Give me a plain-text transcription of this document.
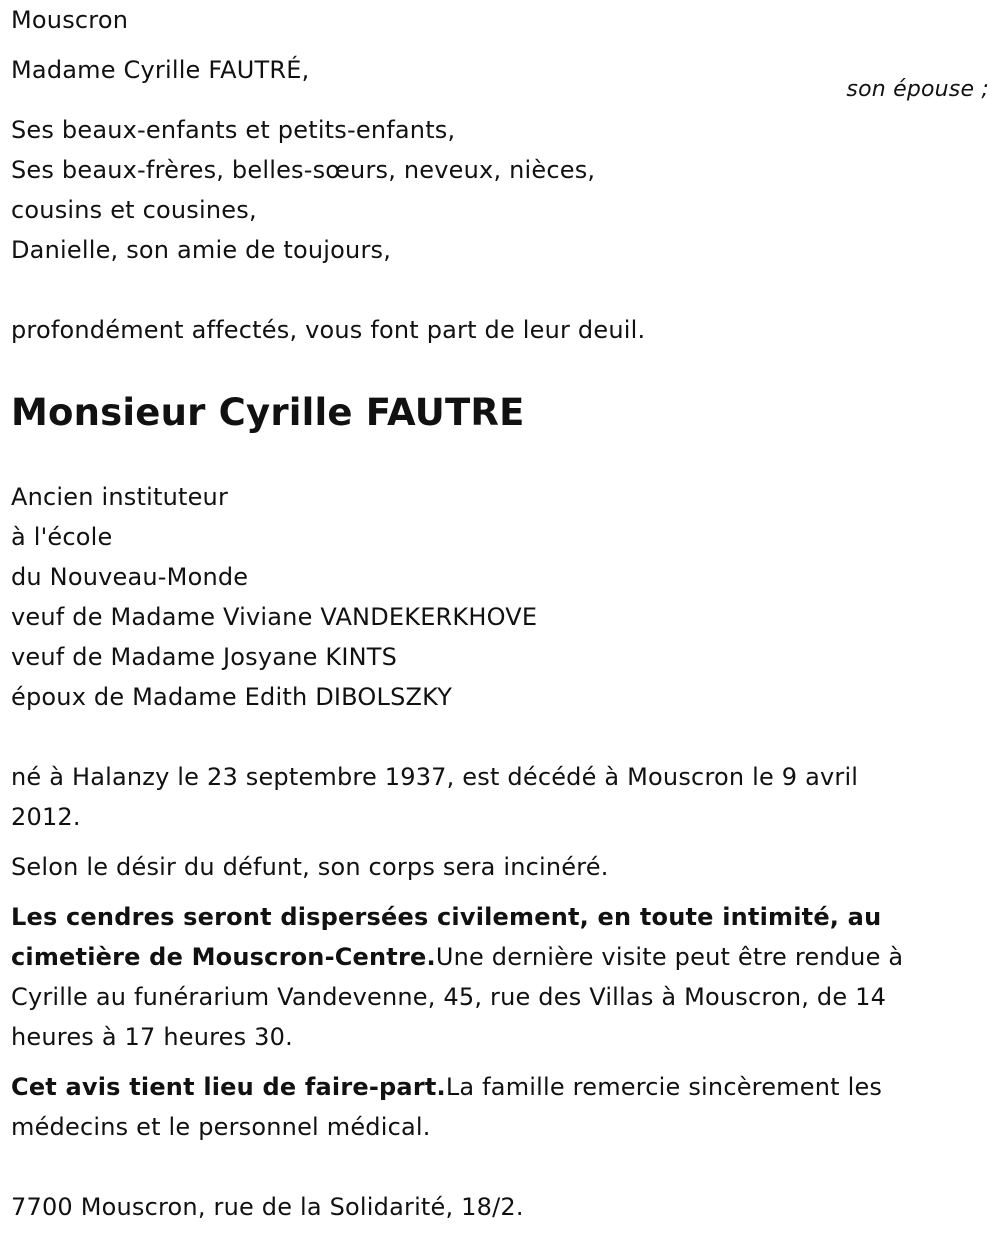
Mouscron
Madame Cyrille FAUTRÉ,
son épouse ;
Ses beaux-enfants et petits-enfants,
Ses beaux-frères, belles-sœurs, neveux, nièces,
cousins et cousines,
Danielle, son amie de toujours,
profondément affectés, vous font part de leur deuil.
Monsieur Cyrille FAUTRE
Ancien instituteur
à l'école
du Nouveau-Monde
veuf de Madame Viviane VANDEKERKHOVE
veuf de Madame Josyane KINTS
époux de Madame Edith DIBOLSZKY
né à Halanzy le 23 septembre 1937, est décédé à Mouscron le 9 avril
2012.
Selon le désir du défunt, son corps sera incinéré.
Les cendres seront dispersées civilement, en toute intimité, au
cimetière de Mouscron-Centre.Une dernière visite peut être rendue à
Cyrille au funérarium Vandevenne, 45, rue des Villas à Mouscron, de 14
heures à 17 heures 30.
Cet avis tient lieu de faire-part.La famille remercie sincèrement les
médecins et le personnel médical.
7700 Mouscron, rue de la Solidarité, 18/2.
